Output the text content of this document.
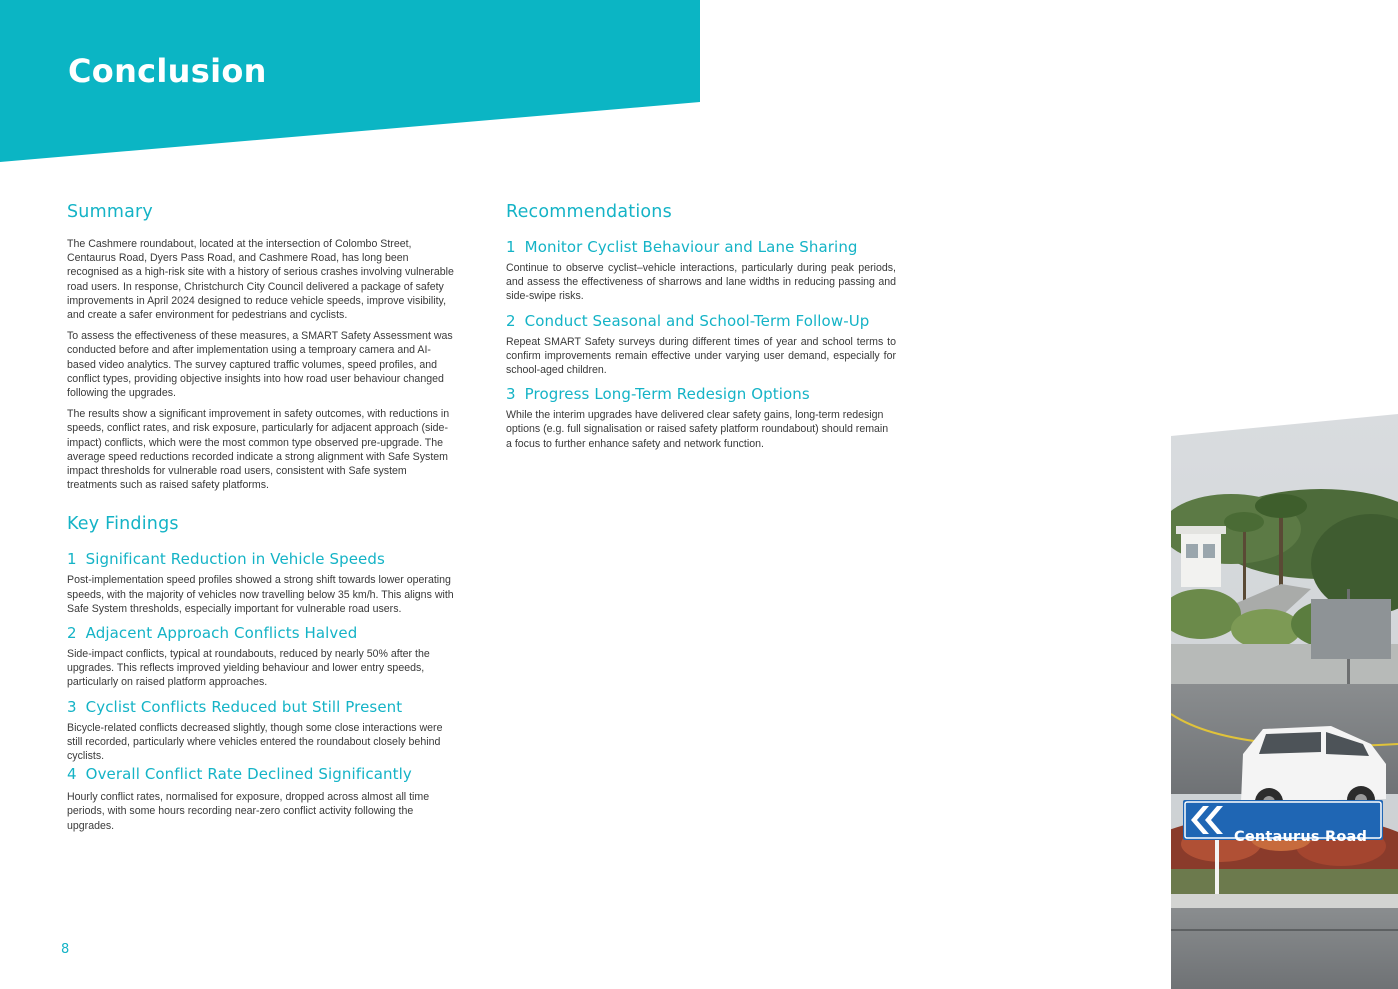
Conclusion
Summary

The Cashmere roundabout, located at the intersection of Colombo Street, Centaurus Road, Dyers Pass Road, and Cashmere Road, has long been recognised as a high-risk site with a history of serious crashes involving vulnerable road users. In response, Christchurch City Council delivered a package of safety improvements in April 2024 designed to reduce vehicle speeds, improve visibility, and create a safer environment for pedestrians and cyclists.

To assess the effectiveness of these measures, a SMART Safety Assessment was conducted before and after implementation using a temproary camera and AI-based video analytics. The survey captured traffic volumes, speed profiles, and conflict types, providing objective insights into how road user behaviour changed following the upgrades.

The results show a significant improvement in safety outcomes, with reductions in speeds, conflict rates, and risk exposure, particularly for adjacent approach (side-impact) conflicts, which were the most common type observed pre-upgrade. The average speed reductions recorded indicate a strong alignment with Safe System impact thresholds for vulnerable road users, consistent with Safe system treatments such as raised safety platforms.

Key Findings
1 Significant Reduction in Vehicle Speeds

Post-implementation speed profiles showed a strong shift towards lower operating speeds, with the majority of vehicles now travelling below 35 km/h. This aligns with Safe System thresholds, especially important for vulnerable road users.

2 Adjacent Approach Conflicts Halved

Side-impact conflicts, typical at roundabouts, reduced by nearly 50% after the upgrades. This reflects improved yielding behaviour and lower entry speeds, particularly on raised platform approaches.

3 Cyclist Conflicts Reduced but Still Present

Bicycle-related conflicts decreased slightly, though some close interactions were still recorded, particularly where vehicles entered the roundabout closely behind cyclists.

4 Overall Conflict Rate Declined Significantly

Hourly conflict rates, normalised for exposure, dropped across almost all time periods, with some hours recording near-zero conflict activity following the upgrades.

Recommendations
1 Monitor Cyclist Behaviour and Lane Sharing

Continue to observe cyclist–vehicle interactions, particularly during peak periods, and assess the effectiveness of sharrows and lane widths in reducing passing and side-swipe risks.

2 Conduct Seasonal and School-Term Follow-Up

Repeat SMART Safety surveys during different times of year and school terms to confirm improvements remain effective under varying user demand, especially for school-aged children.

3 Progress Long-Term Redesign Options

While the interim upgrades have delivered clear safety gains, long-term redesign options (e.g. full signalisation or raised safety platform roundabout) should remain a focus to further enhance safety and network function.

8
Centaurus Road
